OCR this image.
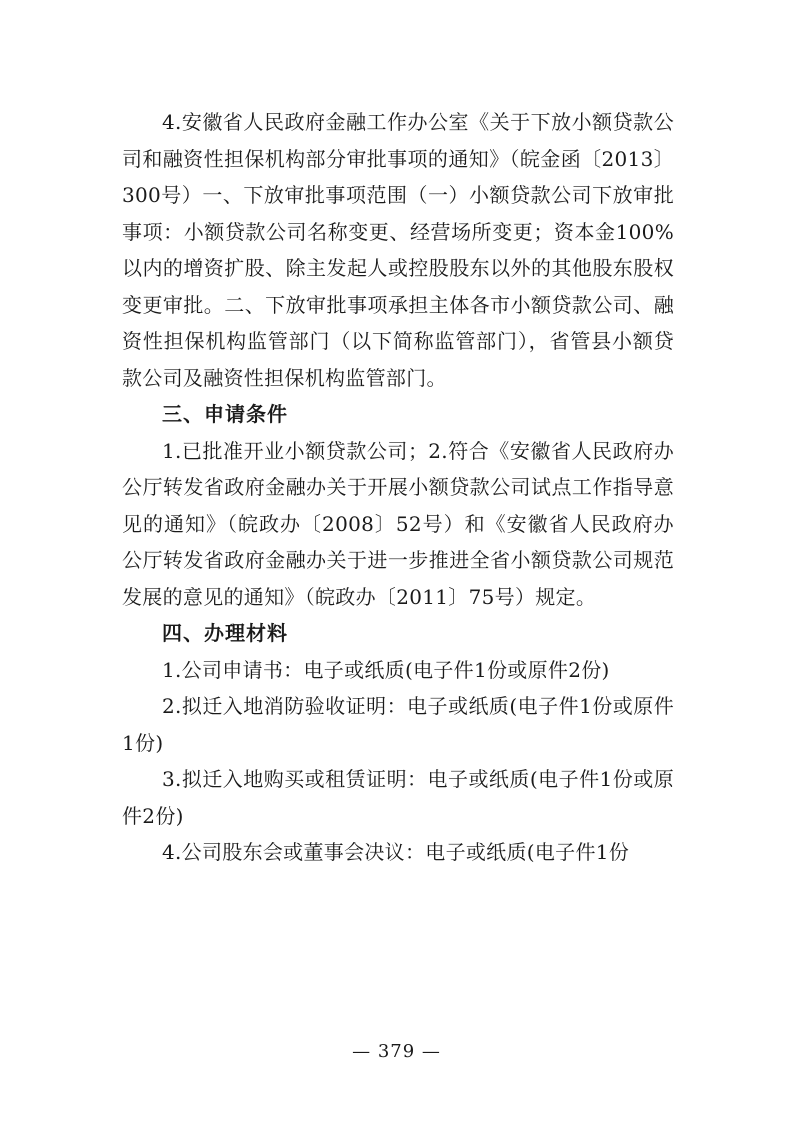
4.安徽省人民政府金融工作办公室《关于下放小额贷款公司和融资性担保机构部分审批事项的通知》（皖金函〔2013〕300号）一、下放审批事项范围（一）小额贷款公司下放审批事项：小额贷款公司名称变更、经营场所变更；资本金100%以内的增资扩股、除主发起人或控股股东以外的其他股东股权变更审批。二、下放审批事项承担主体各市小额贷款公司、融资性担保机构监管部门（以下简称监管部门），省管县小额贷款公司及融资性担保机构监管部门。

三、申请条件

1.已批准开业小额贷款公司；2.符合《安徽省人民政府办公厅转发省政府金融办关于开展小额贷款公司试点工作指导意见的通知》（皖政办〔2008〕52号）和《安徽省人民政府办公厅转发省政府金融办关于进一步推进全省小额贷款公司规范发展的意见的通知》（皖政办〔2011〕75号）规定。

四、办理材料

1.公司申请书：电子或纸质(电子件1份或原件2份)

2.拟迁入地消防验收证明：电子或纸质(电子件1份或原件1份)

3.拟迁入地购买或租赁证明：电子或纸质(电子件1份或原件2份)

4.公司股东会或董事会决议：电子或纸质(电子件1份

— 379 —
